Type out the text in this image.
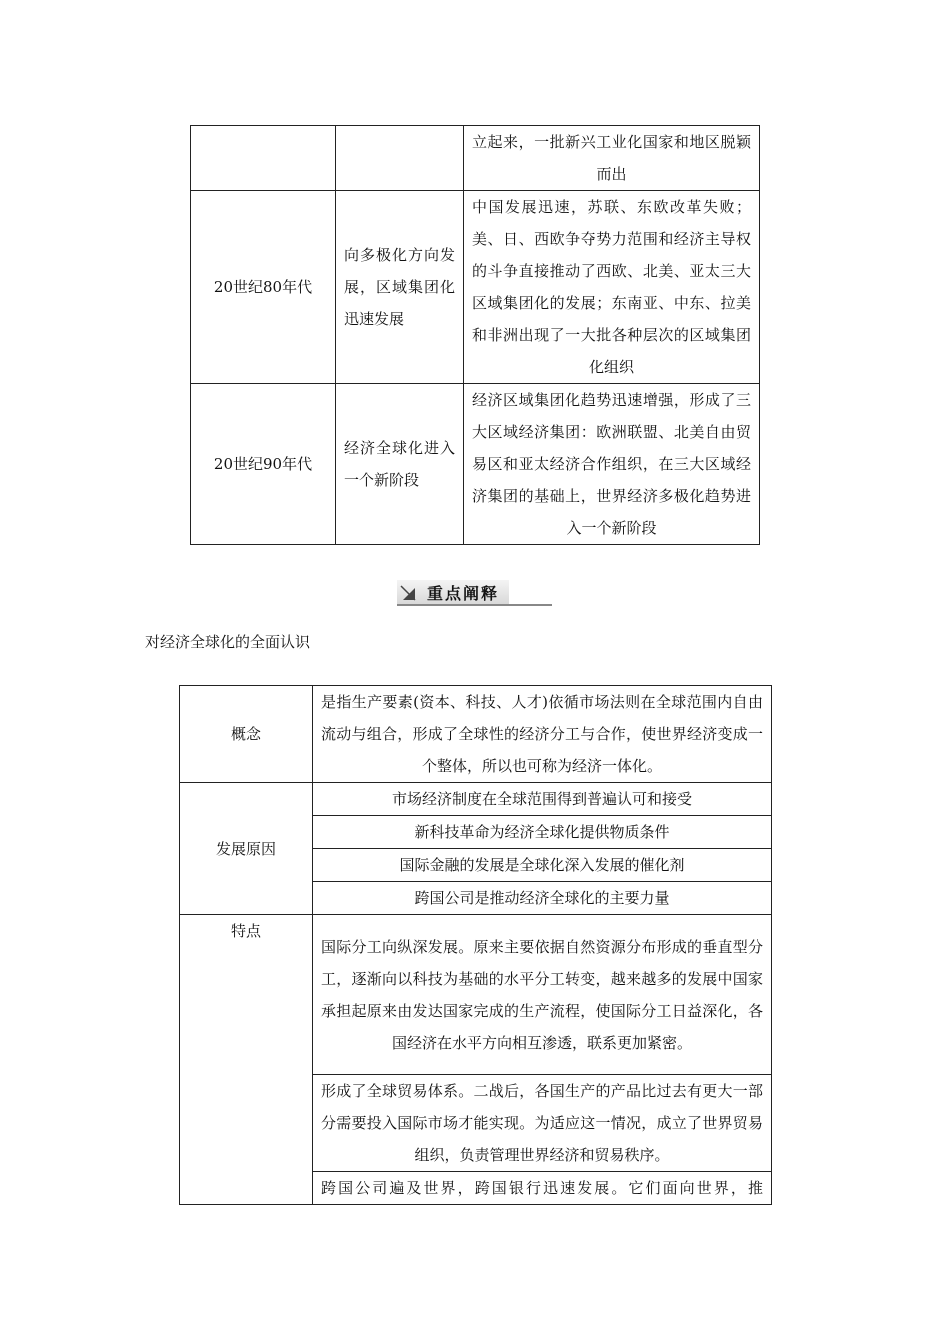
		立起来，一批新兴工业化国家和地区脱颖而出
20世纪80年代	向多极化方向发展，区域集团化迅速发展	中国发展迅速，苏联、东欧改革失败；美、日、西欧争夺势力范围和经济主导权的斗争直接推动了西欧、北美、亚太三大区域集团化的发展；东南亚、中东、拉美和非洲出现了一大批各种层次的区域集团化组织
20世纪90年代	经济全球化进入一个新阶段	经济区域集团化趋势迅速增强，形成了三大区域经济集团：欧洲联盟、北美自由贸易区和亚太经济合作组织，在三大区域经济集团的基础上，世界经济多极化趋势进入一个新阶段
重点阐释
对经济全球化的全面认识
概念	是指生产要素(资本、科技、人才)依循市场法则在全球范围内自由流动与组合，形成了全球性的经济分工与合作，使世界经济变成一个整体，所以也可称为经济一体化。
发展原因	市场经济制度在全球范围得到普遍认可和接受
	新科技革命为经济全球化提供物质条件
	国际金融的发展是全球化深入发展的催化剂
	跨国公司是推动经济全球化的主要力量
特点	国际分工向纵深发展。原来主要依据自然资源分布形成的垂直型分工，逐渐向以科技为基础的水平分工转变，越来越多的发展中国家承担起原来由发达国家完成的生产流程，使国际分工日益深化，各国经济在水平方向相互渗透，联系更加紧密。
	形成了全球贸易体系。二战后，各国生产的产品比过去有更大一部分需要投入国际市场才能实现。为适应这一情况，成立了世界贸易组织，负责管理世界经济和贸易秩序。
	跨国公司遍及世界，跨国银行迅速发展。它们面向世界，推
